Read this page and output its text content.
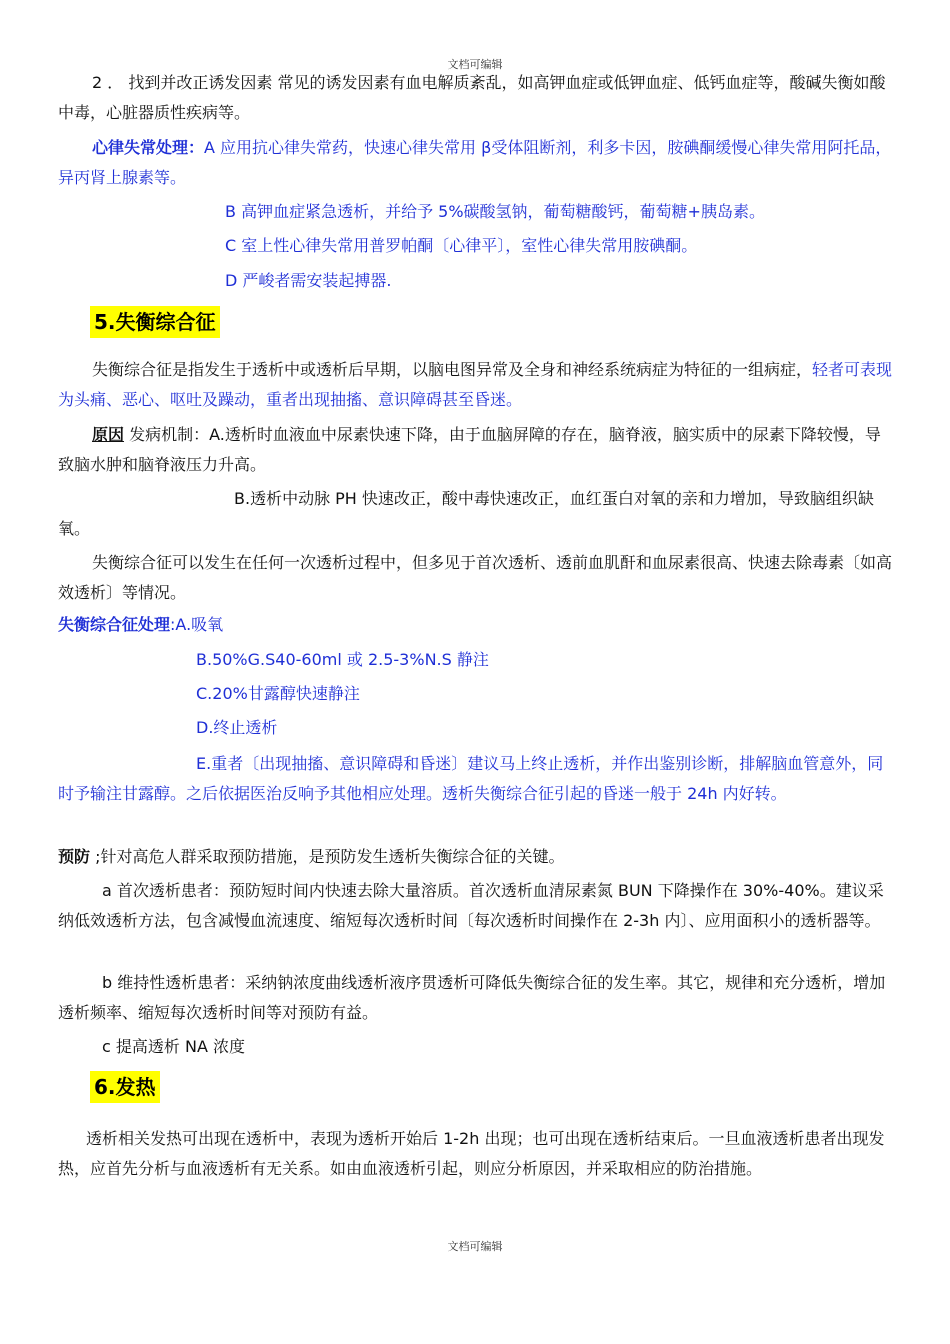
文档可编辑

2 ． 找到并改正诱发因素 常见的诱发因素有血电解质紊乱，如高钾血症或低钾血症、低钙血症等，酸碱失衡如酸中毒，心脏器质性疾病等。

心律失常处理：A 应用抗心律失常药，快速心律失常用 β受体阻断剂，利多卡因，胺碘酮缓慢心律失常用阿托品，异丙肾上腺素等。

B 高钾血症紧急透析，并给予 5%碳酸氢钠，葡萄糖酸钙，葡萄糖+胰岛素。

C 室上性心律失常用普罗帕酮〔心律平〕，室性心律失常用胺碘酮。

D 严峻者需安装起搏器.

5.失衡综合征

失衡综合征是指发生于透析中或透析后早期，以脑电图异常及全身和神经系统病症为特征的一组病症，轻者可表现为头痛、恶心、呕吐及躁动，重者出现抽搐、意识障碍甚至昏迷。

原因 发病机制：A.透析时血液血中尿素快速下降，由于血脑屏障的存在，脑脊液，脑实质中的尿素下降较慢，导致脑水肿和脑脊液压力升高。

B.透析中动脉 PH 快速改正，酸中毒快速改正，血红蛋白对氧的亲和力增加，导致脑组织缺氧。

失衡综合征可以发生在任何一次透析过程中，但多见于首次透析、透前血肌酐和血尿素很高、快速去除毒素〔如高效透析〕等情况。

失衡综合征处理:A.吸氧

B.50%G.S40-60ml 或 2.5-3%N.S 静注

C.20%甘露醇快速静注

D.终止透析

E.重者〔出现抽搐、意识障碍和昏迷〕建议马上终止透析，并作出鉴别诊断，排解脑血管意外，同时予输注甘露醇。之后依据医治反响予其他相应处理。透析失衡综合征引起的昏迷一般于 24h 内好转。

预防 ;针对高危人群采取预防措施，是预防发生透析失衡综合征的关键。

a 首次透析患者：预防短时间内快速去除大量溶质。首次透析血清尿素氮 BUN 下降操作在 30%-40%。建议采纳低效透析方法，包含减慢血流速度、缩短每次透析时间〔每次透析时间操作在 2-3h 内〕、应用面积小的透析器等。

b 维持性透析患者：采纳钠浓度曲线透析液序贯透析可降低失衡综合征的发生率。其它，规律和充分透析，增加透析频率、缩短每次透析时间等对预防有益。

c 提高透析 NA 浓度

6.发热

透析相关发热可出现在透析中，表现为透析开始后 1-2h 出现；也可出现在透析结束后。一旦血液透析患者出现发热，应首先分析与血液透析有无关系。如由血液透析引起，则应分析原因，并采取相应的防治措施。

文档可编辑
